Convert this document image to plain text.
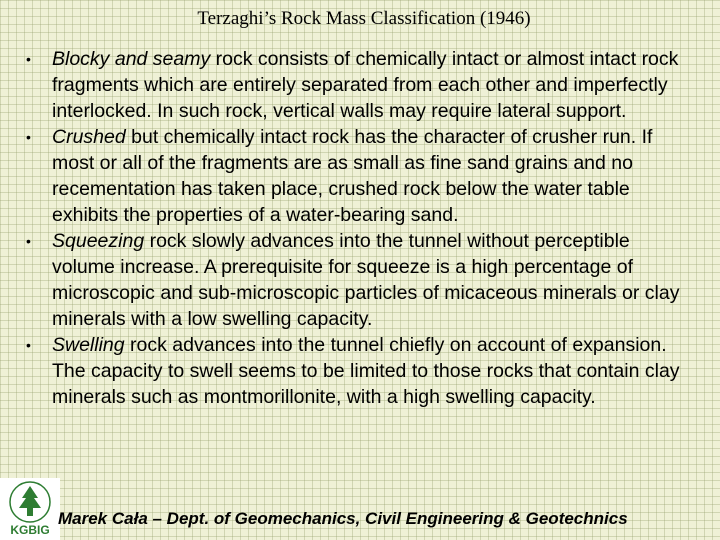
Terzaghi’s Rock Mass Classification (1946)
• Blocky and seamy rock consists of chemically intact or almost intact rock fragments which are entirely separated from each other and imperfectly interlocked. In such rock, vertical walls may require lateral support.
• Crushed but chemically intact rock has the character of crusher run. If most or all of the fragments are as small as fine sand grains and no recementation has taken place, crushed rock below the water table exhibits the properties of a water-bearing sand.
• Squeezing rock slowly advances into the tunnel without perceptible volume increase. A prerequisite for squeeze is a high percentage of microscopic and sub-microscopic particles of micaceous minerals or clay minerals with a low swelling capacity.
• Swelling rock advances into the tunnel chiefly on account of expansion. The capacity to swell seems to be limited to those rocks that contain clay minerals such as montmorillonite, with a high swelling capacity.
KGBIG
Marek Cała – Dept. of Geomechanics, Civil Engineering & Geotechnics
